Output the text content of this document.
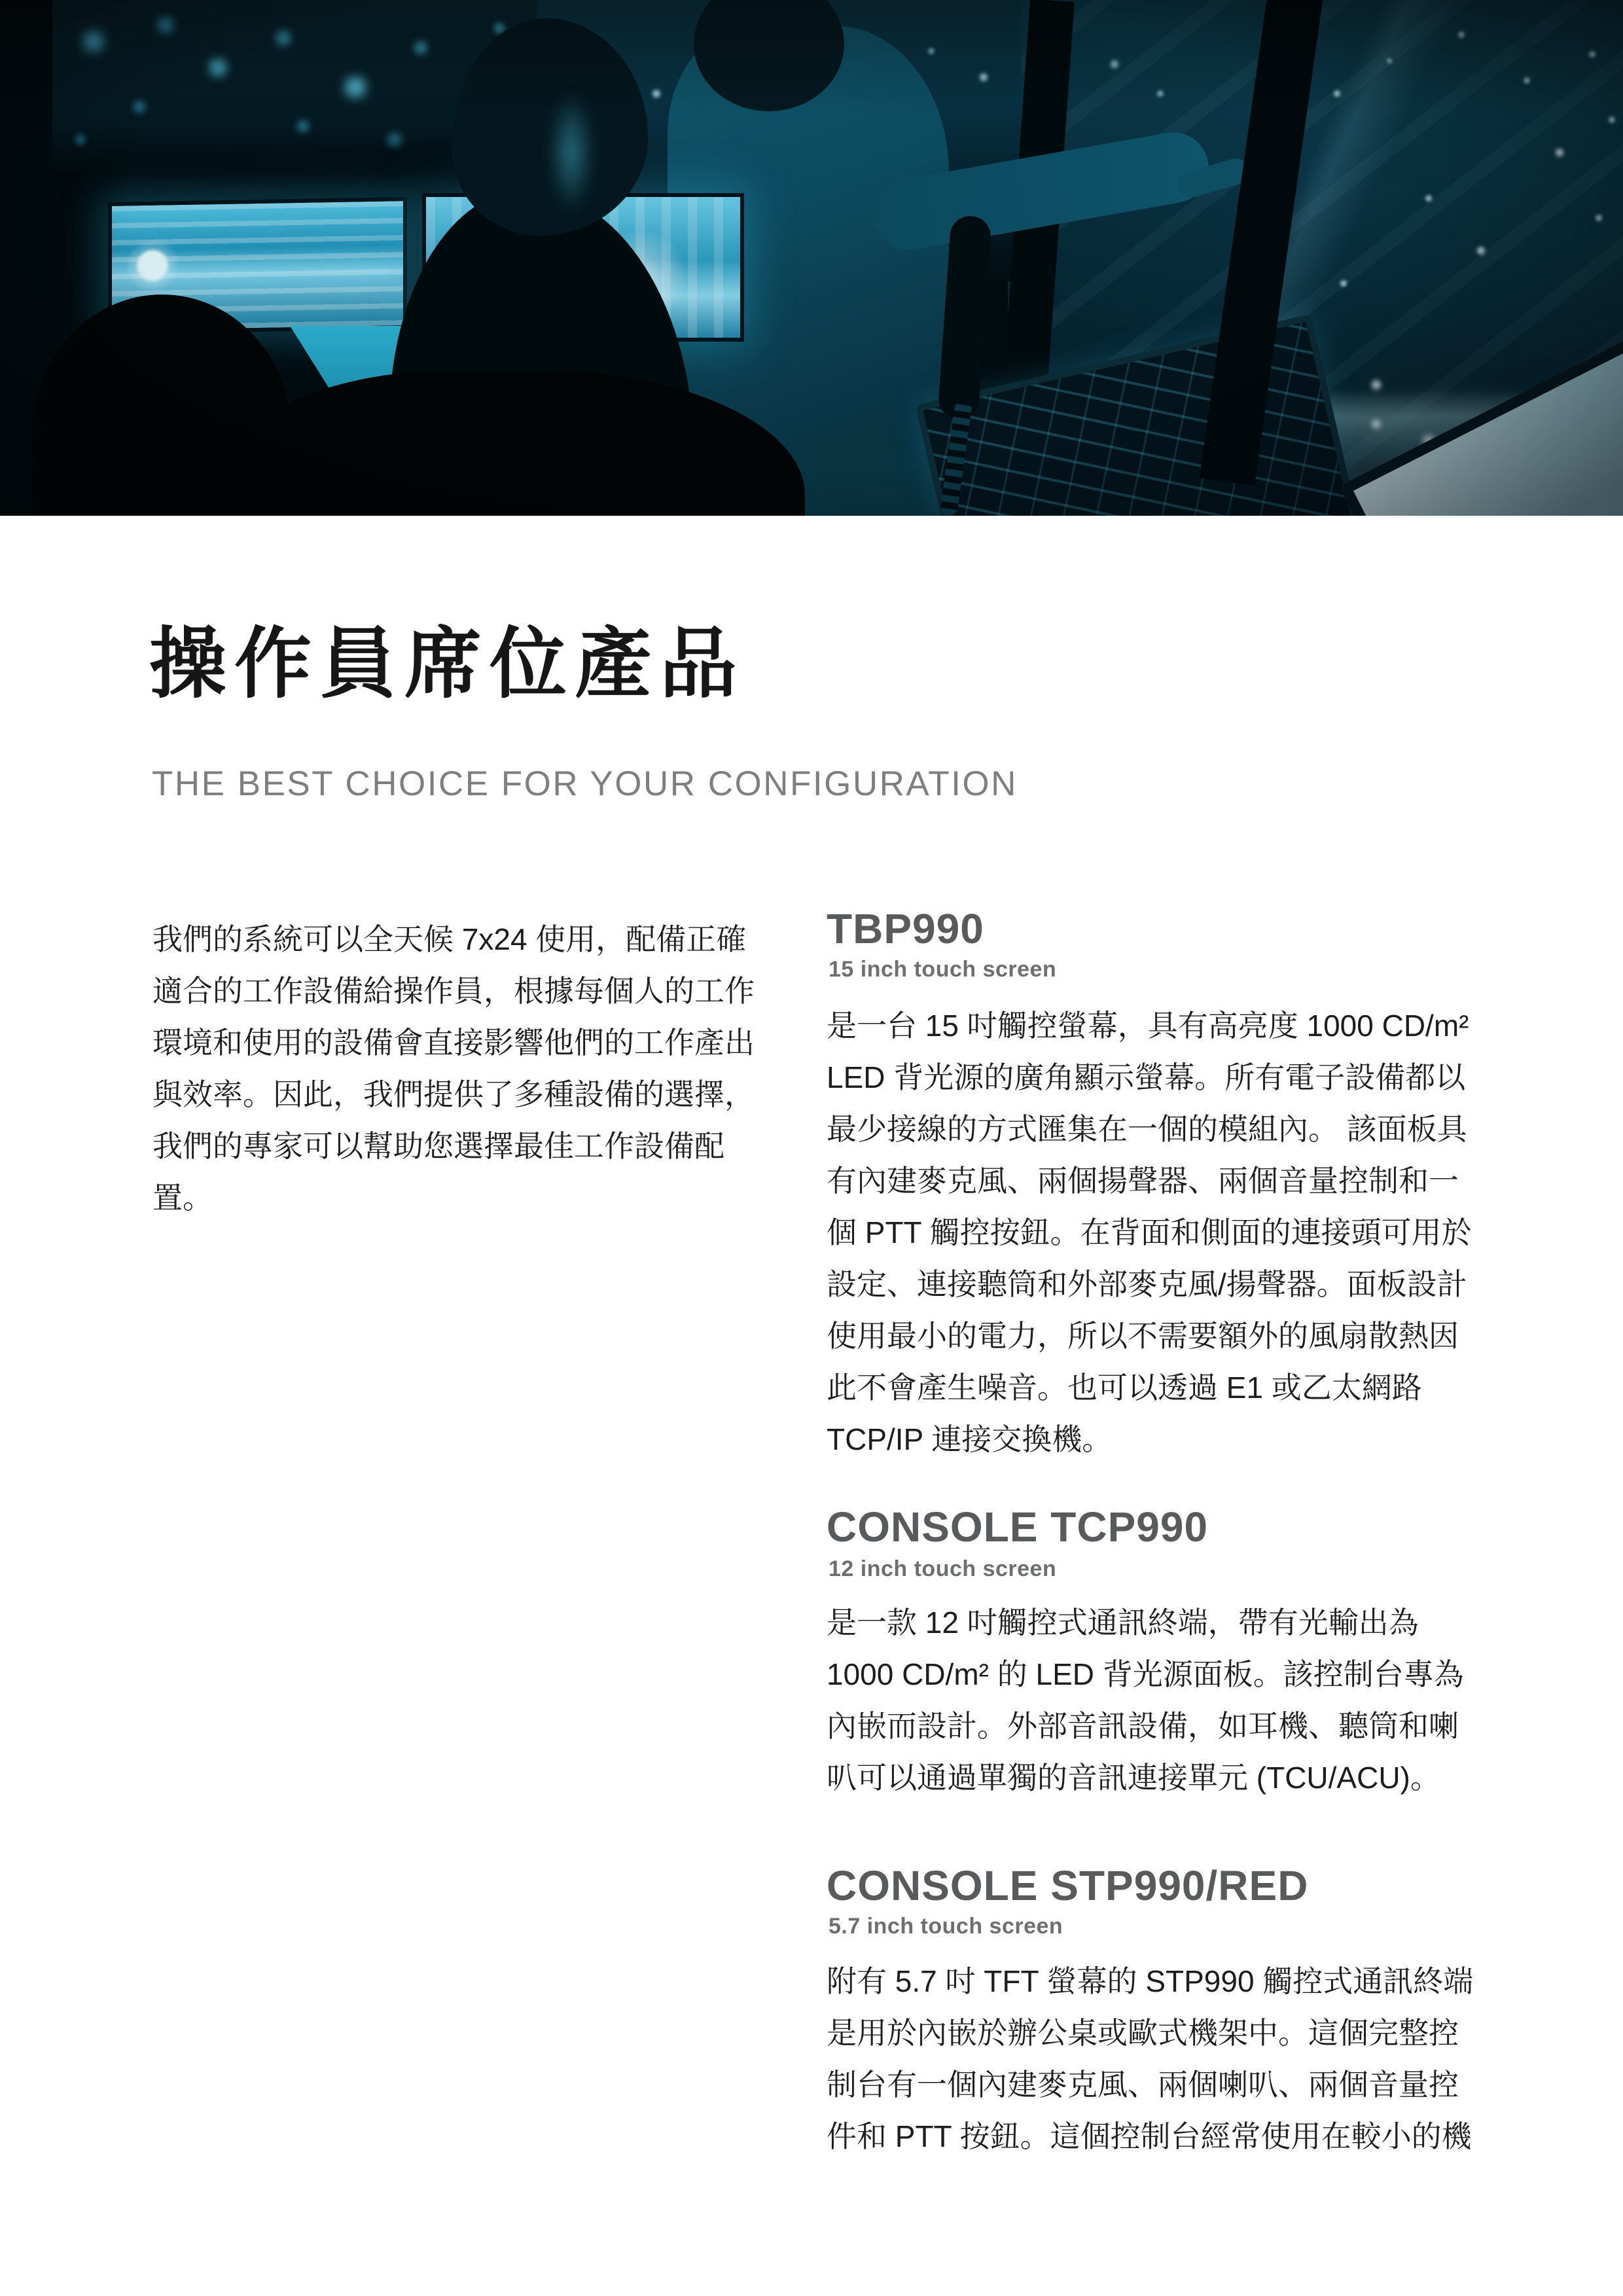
操作員席位產品
THE BEST CHOICE FOR YOUR CONFIGURATION
我們的系統可以全天候 7x24 使用，配備正確
適合的工作設備給操作員，根據每個人的工作
環境和使用的設備會直接影響他們的工作產出
與效率。因此，我們提供了多種設備的選擇，
我們的專家可以幫助您選擇最佳工作設備配
置。
TBP990
15 inch touch screen
是一台 15 吋觸控螢幕，具有高亮度 1000 CD/m²
LED 背光源的廣角顯示螢幕。所有電子設備都以
最少接線的方式匯集在一個的模組內。 該面板具
有內建麥克風、兩個揚聲器、兩個音量控制和一
個 PTT 觸控按鈕。在背面和側面的連接頭可用於
設定、連接聽筒和外部麥克風/揚聲器。面板設計
使用最小的電力，所以不需要額外的風扇散熱因
此不會產生噪音。也可以透過 E1 或乙太網路
TCP/IP 連接交換機。
CONSOLE TCP990
12 inch touch screen
是一款 12 吋觸控式通訊終端，帶有光輸出為
1000 CD/m² 的 LED 背光源面板。該控制台專為
內嵌而設計。外部音訊設備，如耳機、聽筒和喇
叭可以通過單獨的音訊連接單元 (TCU/ACU)。
CONSOLE STP990/RED
5.7 inch touch screen
附有 5.7 吋 TFT 螢幕的 STP990 觸控式通訊終端
是用於內嵌於辦公桌或歐式機架中。這個完整控
制台有一個內建麥克風、兩個喇叭、兩個音量控
件和 PTT 按鈕。這個控制台經常使用在較小的機
